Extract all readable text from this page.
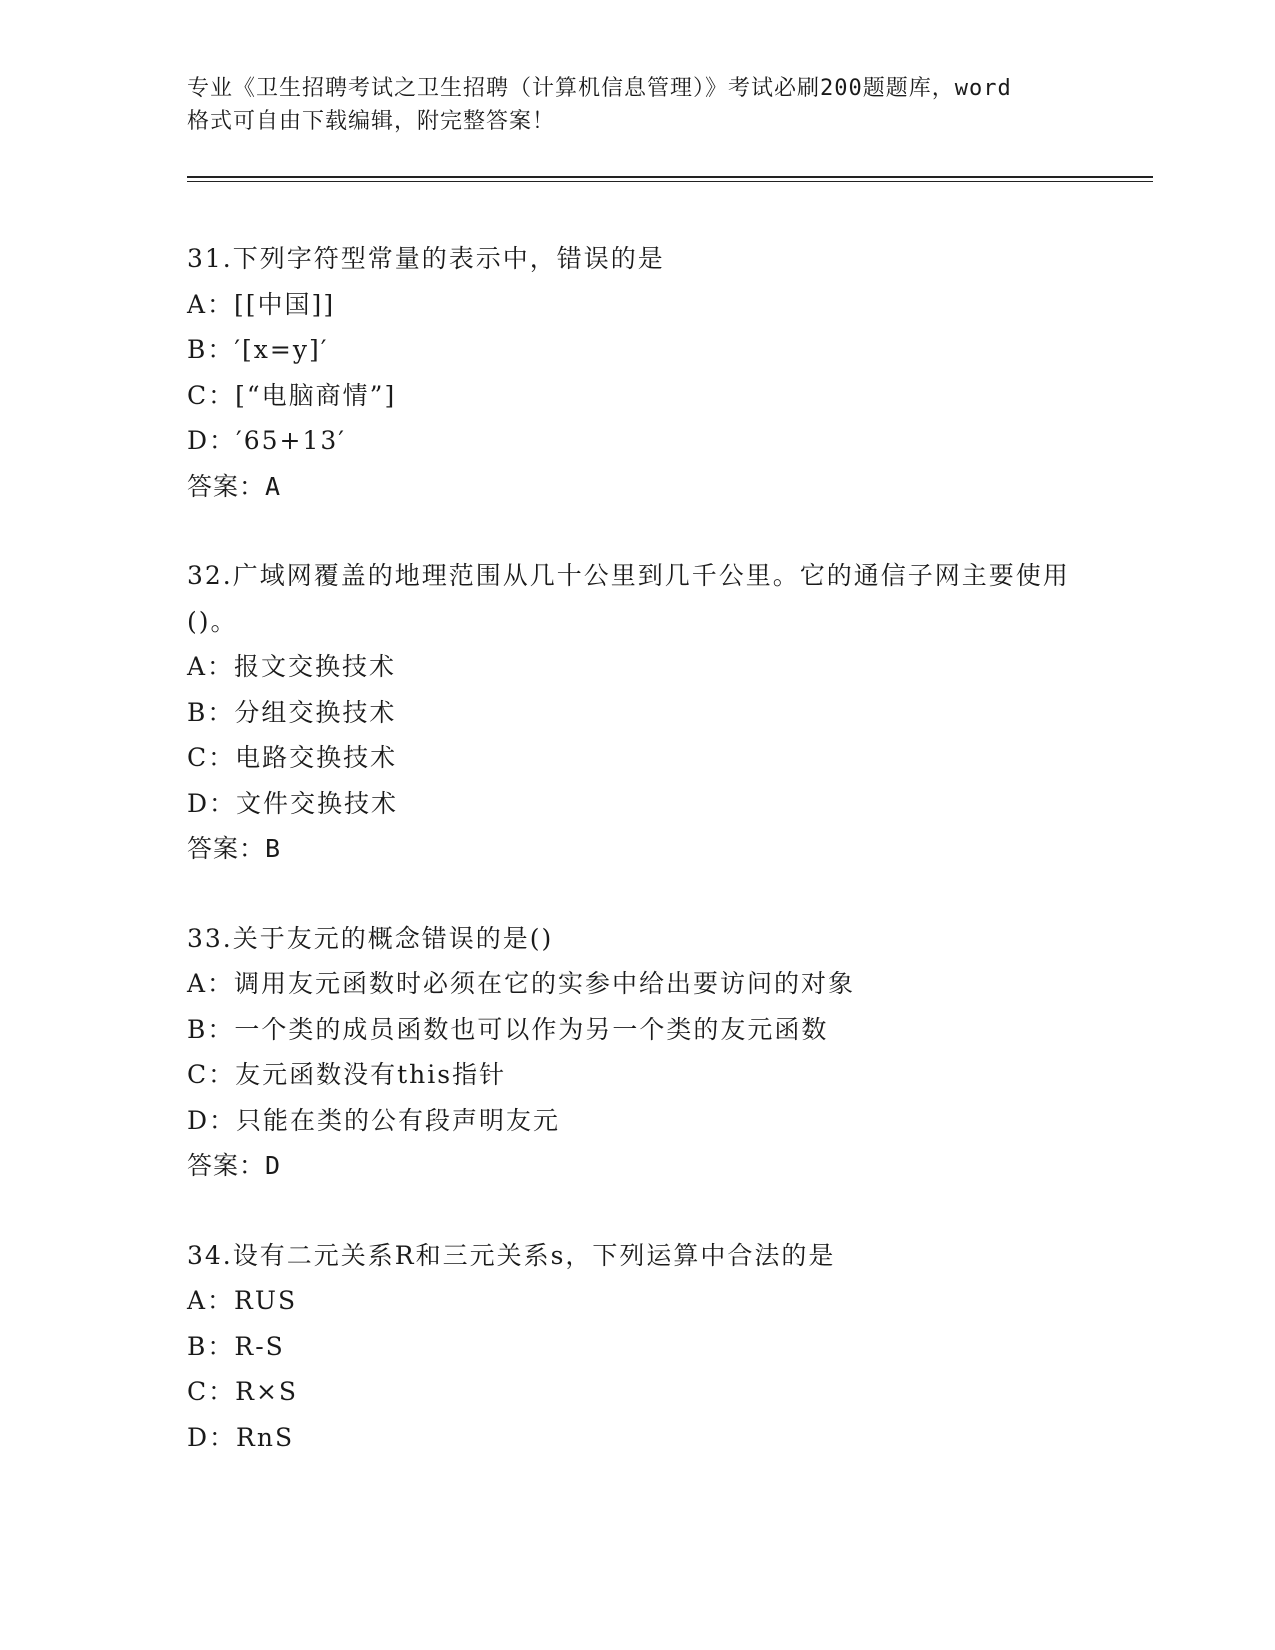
专业《卫生招聘考试之卫生招聘（计算机信息管理）》考试必刷200题题库，word
格式可自由下载编辑，附完整答案！
31.下列字符型常量的表示中，错误的是
A：[[中国]]
B：′[x=y]′
C：[“电脑商情”]
D：′65+13′
答案：A
32.广域网覆盖的地理范围从几十公里到几千公里。它的通信子网主要使用()。
A：报文交换技术
B：分组交换技术
C：电路交换技术
D：文件交换技术
答案：B
33.关于友元的概念错误的是()
A：调用友元函数时必须在它的实参中给出要访问的对象
B：一个类的成员函数也可以作为另一个类的友元函数
C：友元函数没有this指针
D：只能在类的公有段声明友元
答案：D
34.设有二元关系R和三元关系s，下列运算中合法的是
A：RUS
B：R-S
C：R×S
D：RnS
